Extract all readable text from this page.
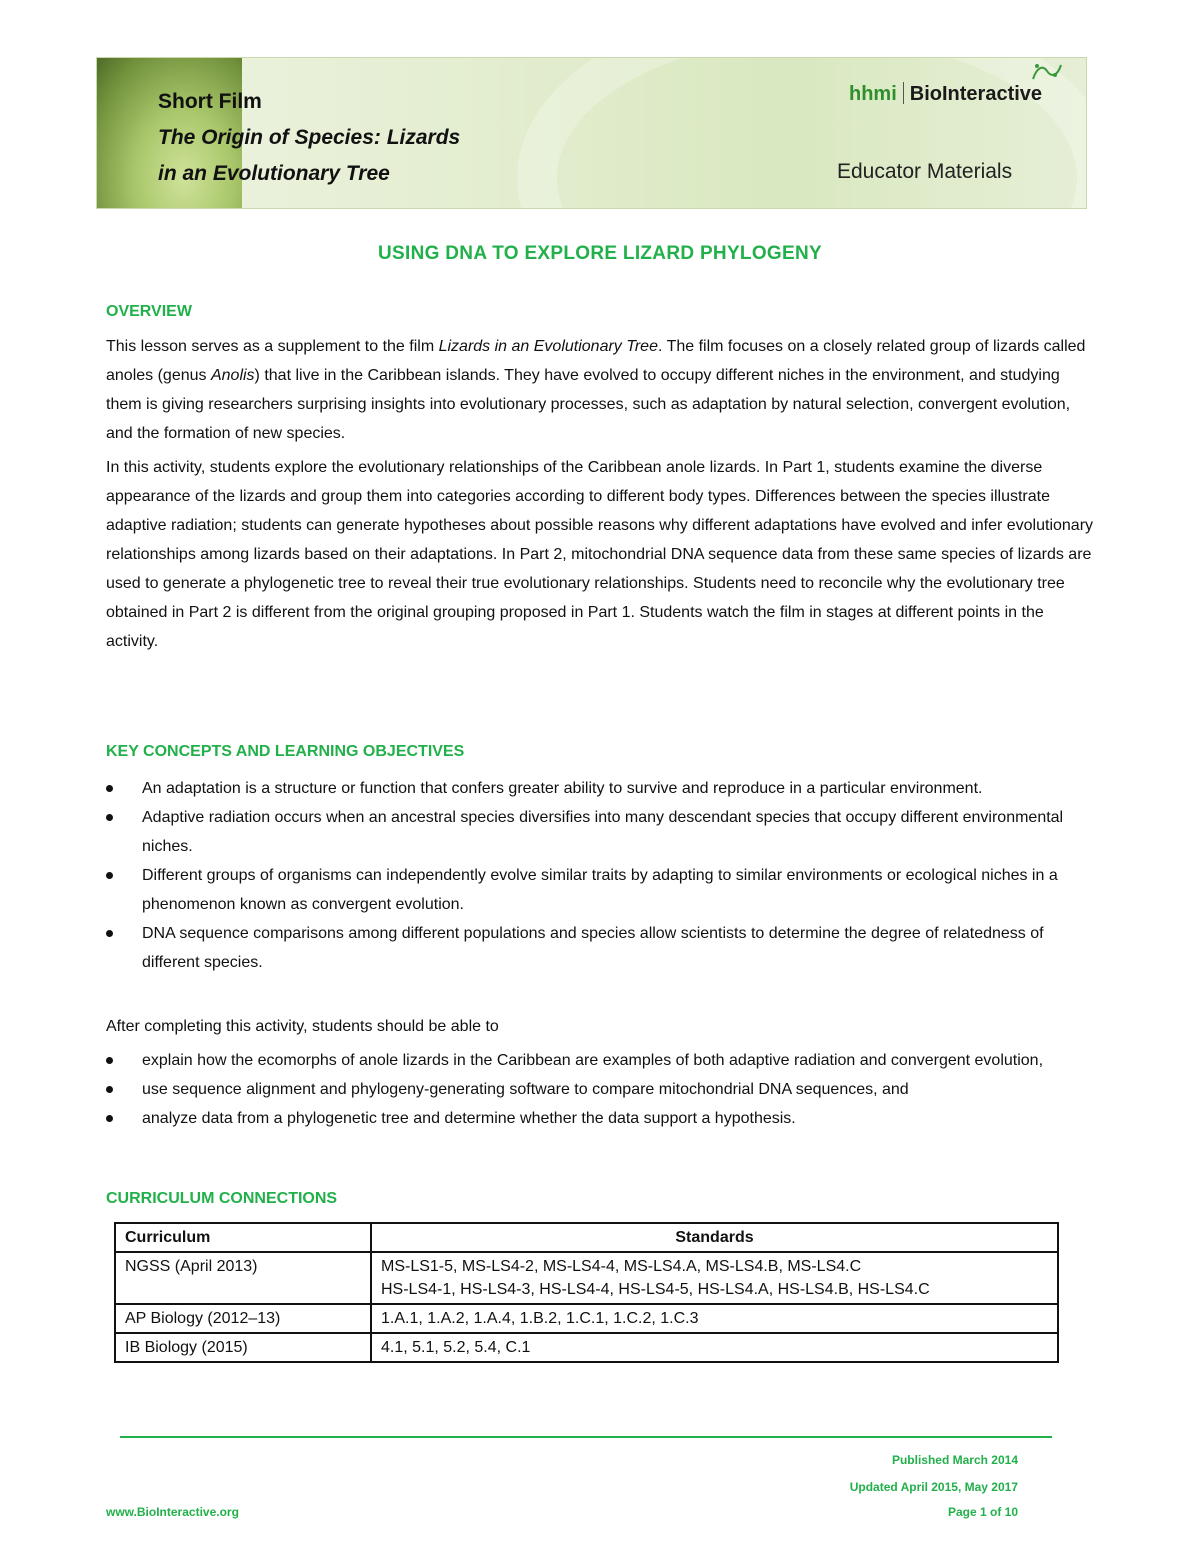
Short Film
The Origin of Species: Lizards
in an Evolutionary Tree
hhmi BioInteractive
Educator Materials
USING DNA TO EXPLORE LIZARD PHYLOGENY
OVERVIEW

This lesson serves as a supplement to the film Lizards in an Evolutionary Tree. The film focuses on a closely related group of lizards called anoles (genus Anolis) that live in the Caribbean islands. They have evolved to occupy different niches in the environment, and studying them is giving researchers surprising insights into evolutionary processes, such as adaptation by natural selection, convergent evolution, and the formation of new species.

In this activity, students explore the evolutionary relationships of the Caribbean anole lizards. In Part 1, students examine the diverse appearance of the lizards and group them into categories according to different body types. Differences between the species illustrate adaptive radiation; students can generate hypotheses about possible reasons why different adaptations have evolved and infer evolutionary relationships among lizards based on their adaptations. In Part 2, mitochondrial DNA sequence data from these same species of lizards are used to generate a phylogenetic tree to reveal their true evolutionary relationships. Students need to reconcile why the evolutionary tree obtained in Part 2 is different from the original grouping proposed in Part 1. Students watch the film in stages at different points in the activity.

KEY CONCEPTS AND LEARNING OBJECTIVES
An adaptation is a structure or function that confers greater ability to survive and reproduce in a particular environment.
Adaptive radiation occurs when an ancestral species diversifies into many descendant species that occupy different environmental niches.
Different groups of organisms can independently evolve similar traits by adapting to similar environments or ecological niches in a phenomenon known as convergent evolution.
DNA sequence comparisons among different populations and species allow scientists to determine the degree of relatedness of different species.
After completing this activity, students should be able to
explain how the ecomorphs of anole lizards in the Caribbean are examples of both adaptive radiation and convergent evolution,
use sequence alignment and phylogeny-generating software to compare mitochondrial DNA sequences, and
analyze data from a phylogenetic tree and determine whether the data support a hypothesis.
CURRICULUM CONNECTIONS
Curriculum	Standards
NGSS (April 2013)	MS-LS1-5, MS-LS4-2, MS-LS4-4, MS-LS4.A, MS-LS4.B, MS-LS4.C
HS-LS4-1, HS-LS4-3, HS-LS4-4, HS-LS4-5, HS-LS4.A, HS-LS4.B, HS-LS4.C

AP Biology (2012–13)	1.A.1, 1.A.2, 1.A.4, 1.B.2, 1.C.1, 1.C.2, 1.C.3
IB Biology (2015)	4.1, 5.1, 5.2, 5.4, C.1
Published March 2014
Updated April 2015, May 2017
www.BioInteractive.org	Page 1 of 10
